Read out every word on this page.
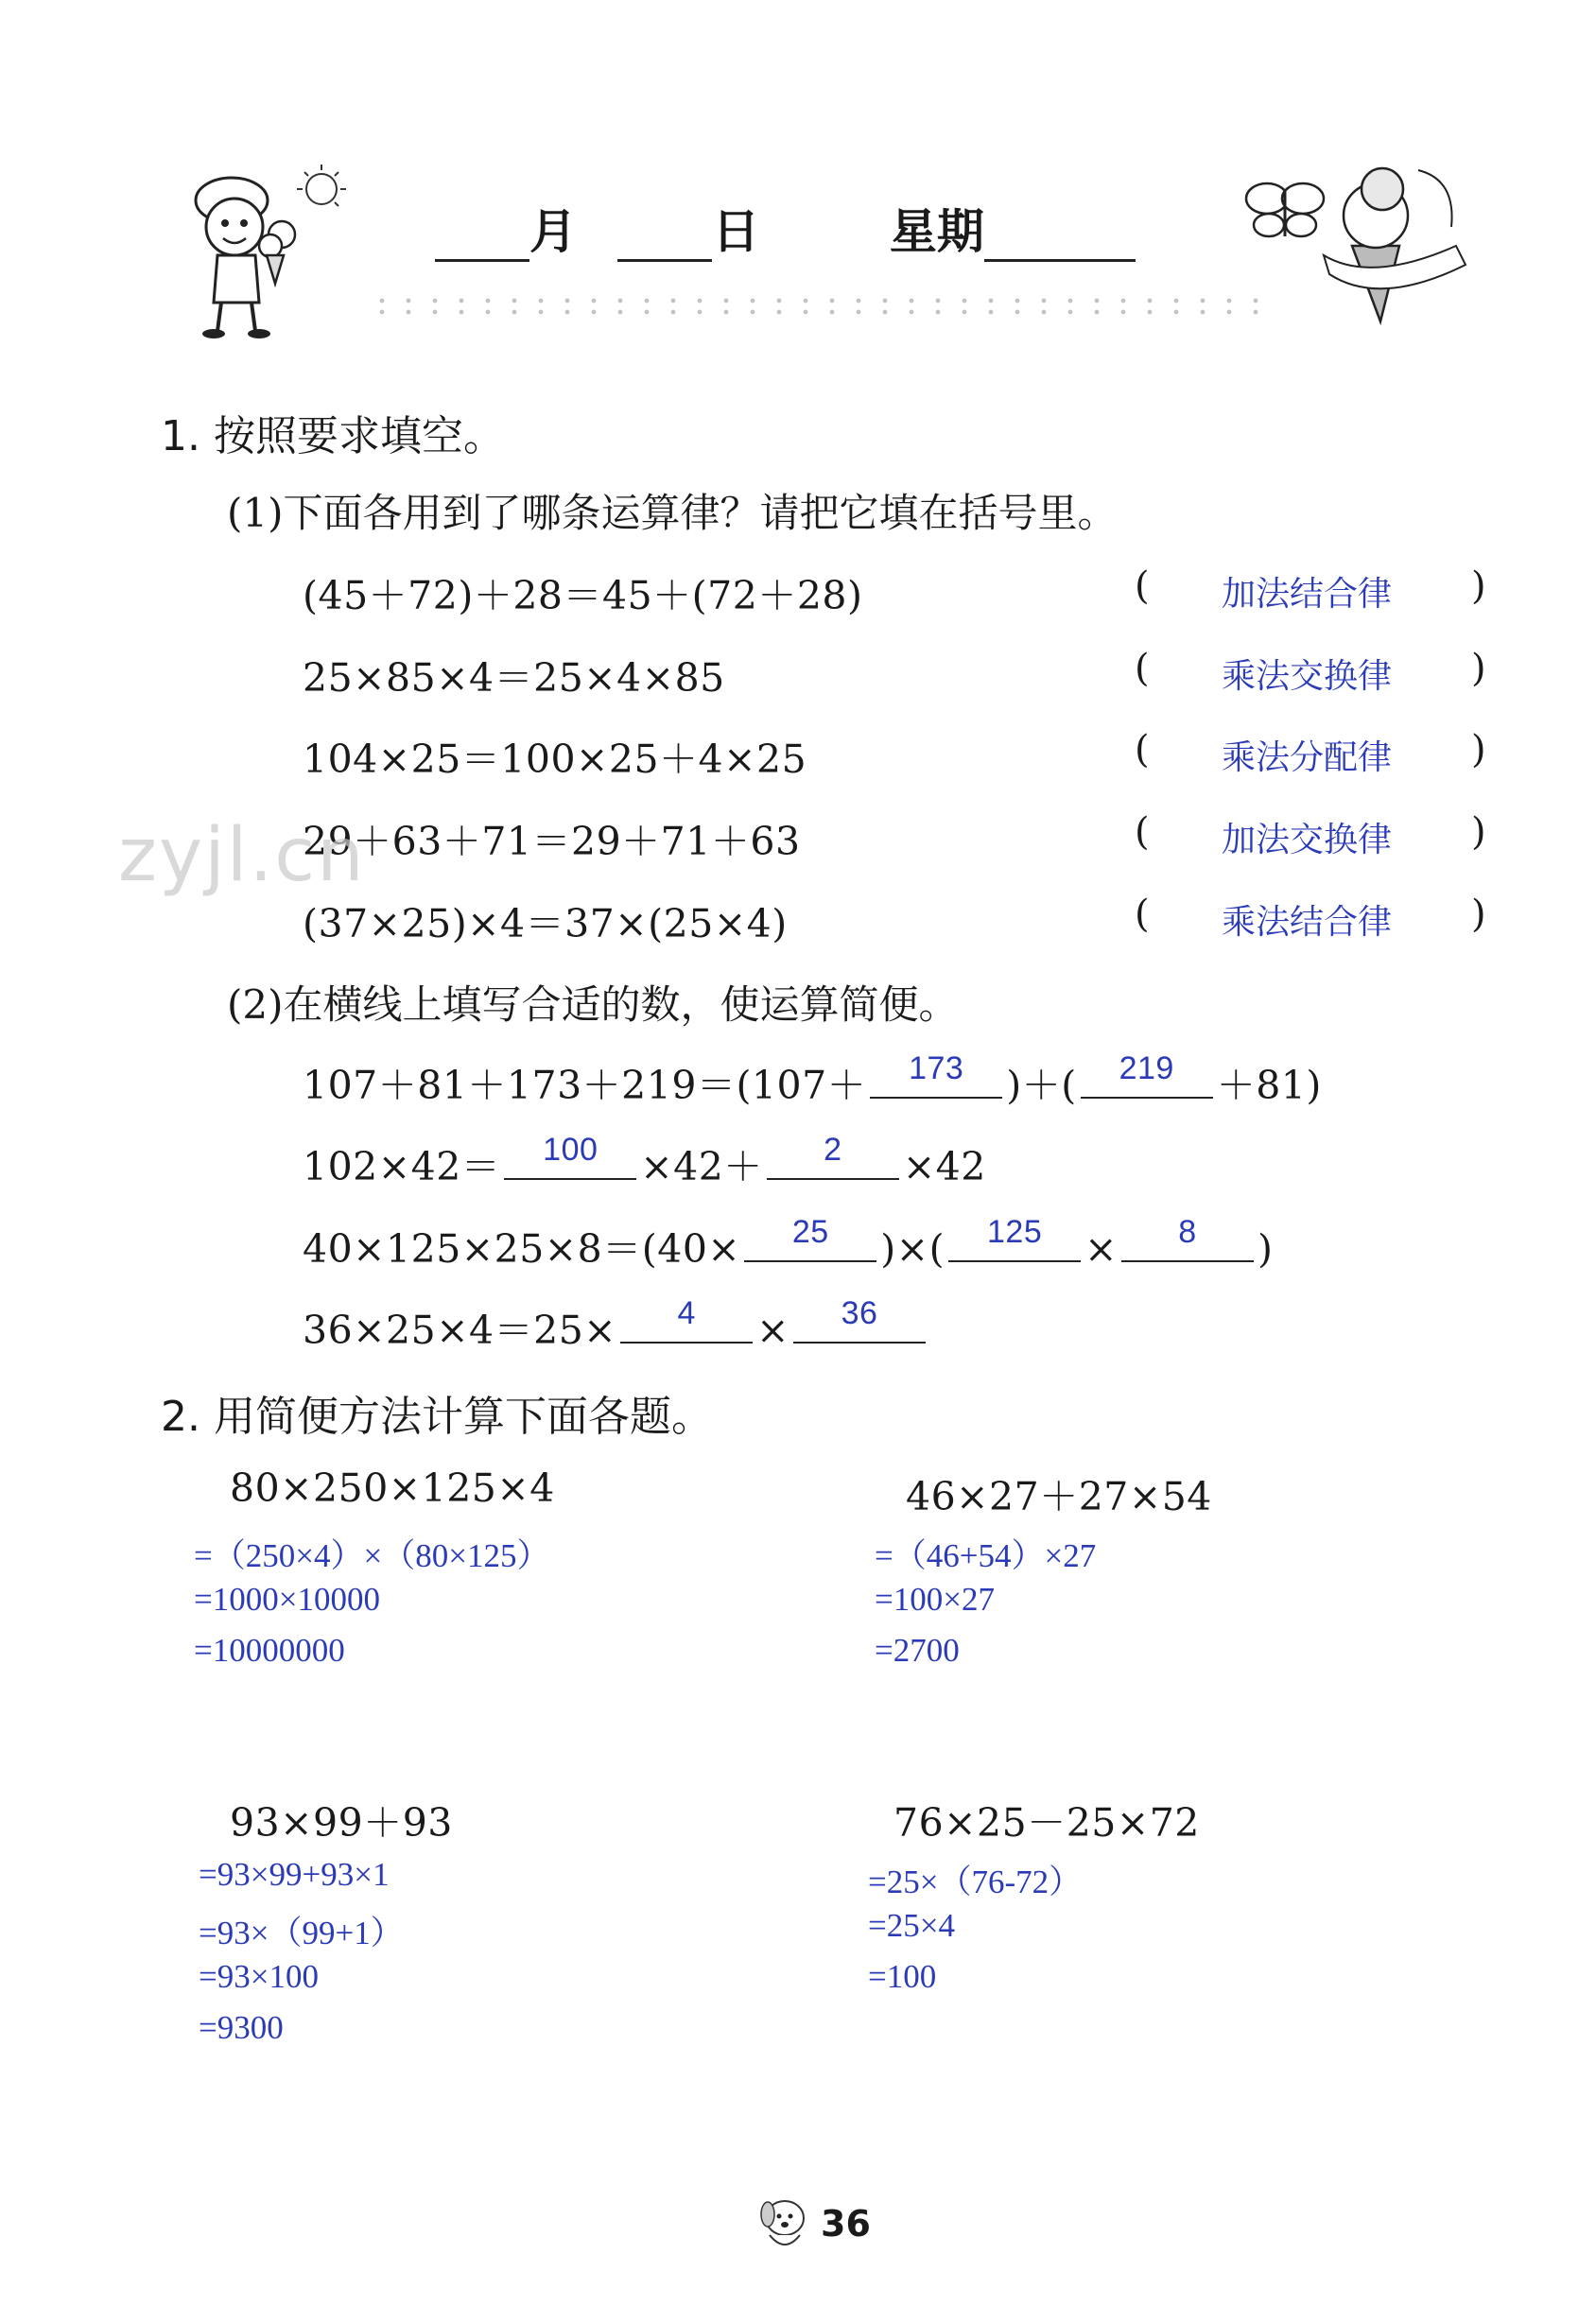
月	日	星期
1. 按照要求填空。
(1)下面各用到了哪条运算律？请把它填在括号里。
(45＋72)＋28＝45＋(72＋28)	( 加法结合律 )
25×85×4＝25×4×85	( 乘法交换律 )
104×25＝100×25＋4×25	( 乘法分配律 )
29＋63＋71＝29＋71＋63	( 加法交换律 )
(37×25)×4＝37×(25×4)	( 乘法结合律 )
zyjl.cn
(2)在横线上填写合适的数，使运算简便。
107＋81＋173＋219＝(107＋	173	)＋(	219	＋81)
102×42＝	100	×42＋	2	×42
40×125×25×8＝(40×	25	)×(	125	×	8	)
36×25×4＝25×	4	×	36
2. 用简便方法计算下面各题。
80×250×125×4
=（250×4）×（80×125）
=1000×10000
=10000000
46×27＋27×54
=（46+54）×27
=100×27
=2700
93×99＋93
=93×99+93×1
=93×（99+1）
=93×100
=9300
76×25－25×72
=25×（76-72）
=25×4
=100
36
